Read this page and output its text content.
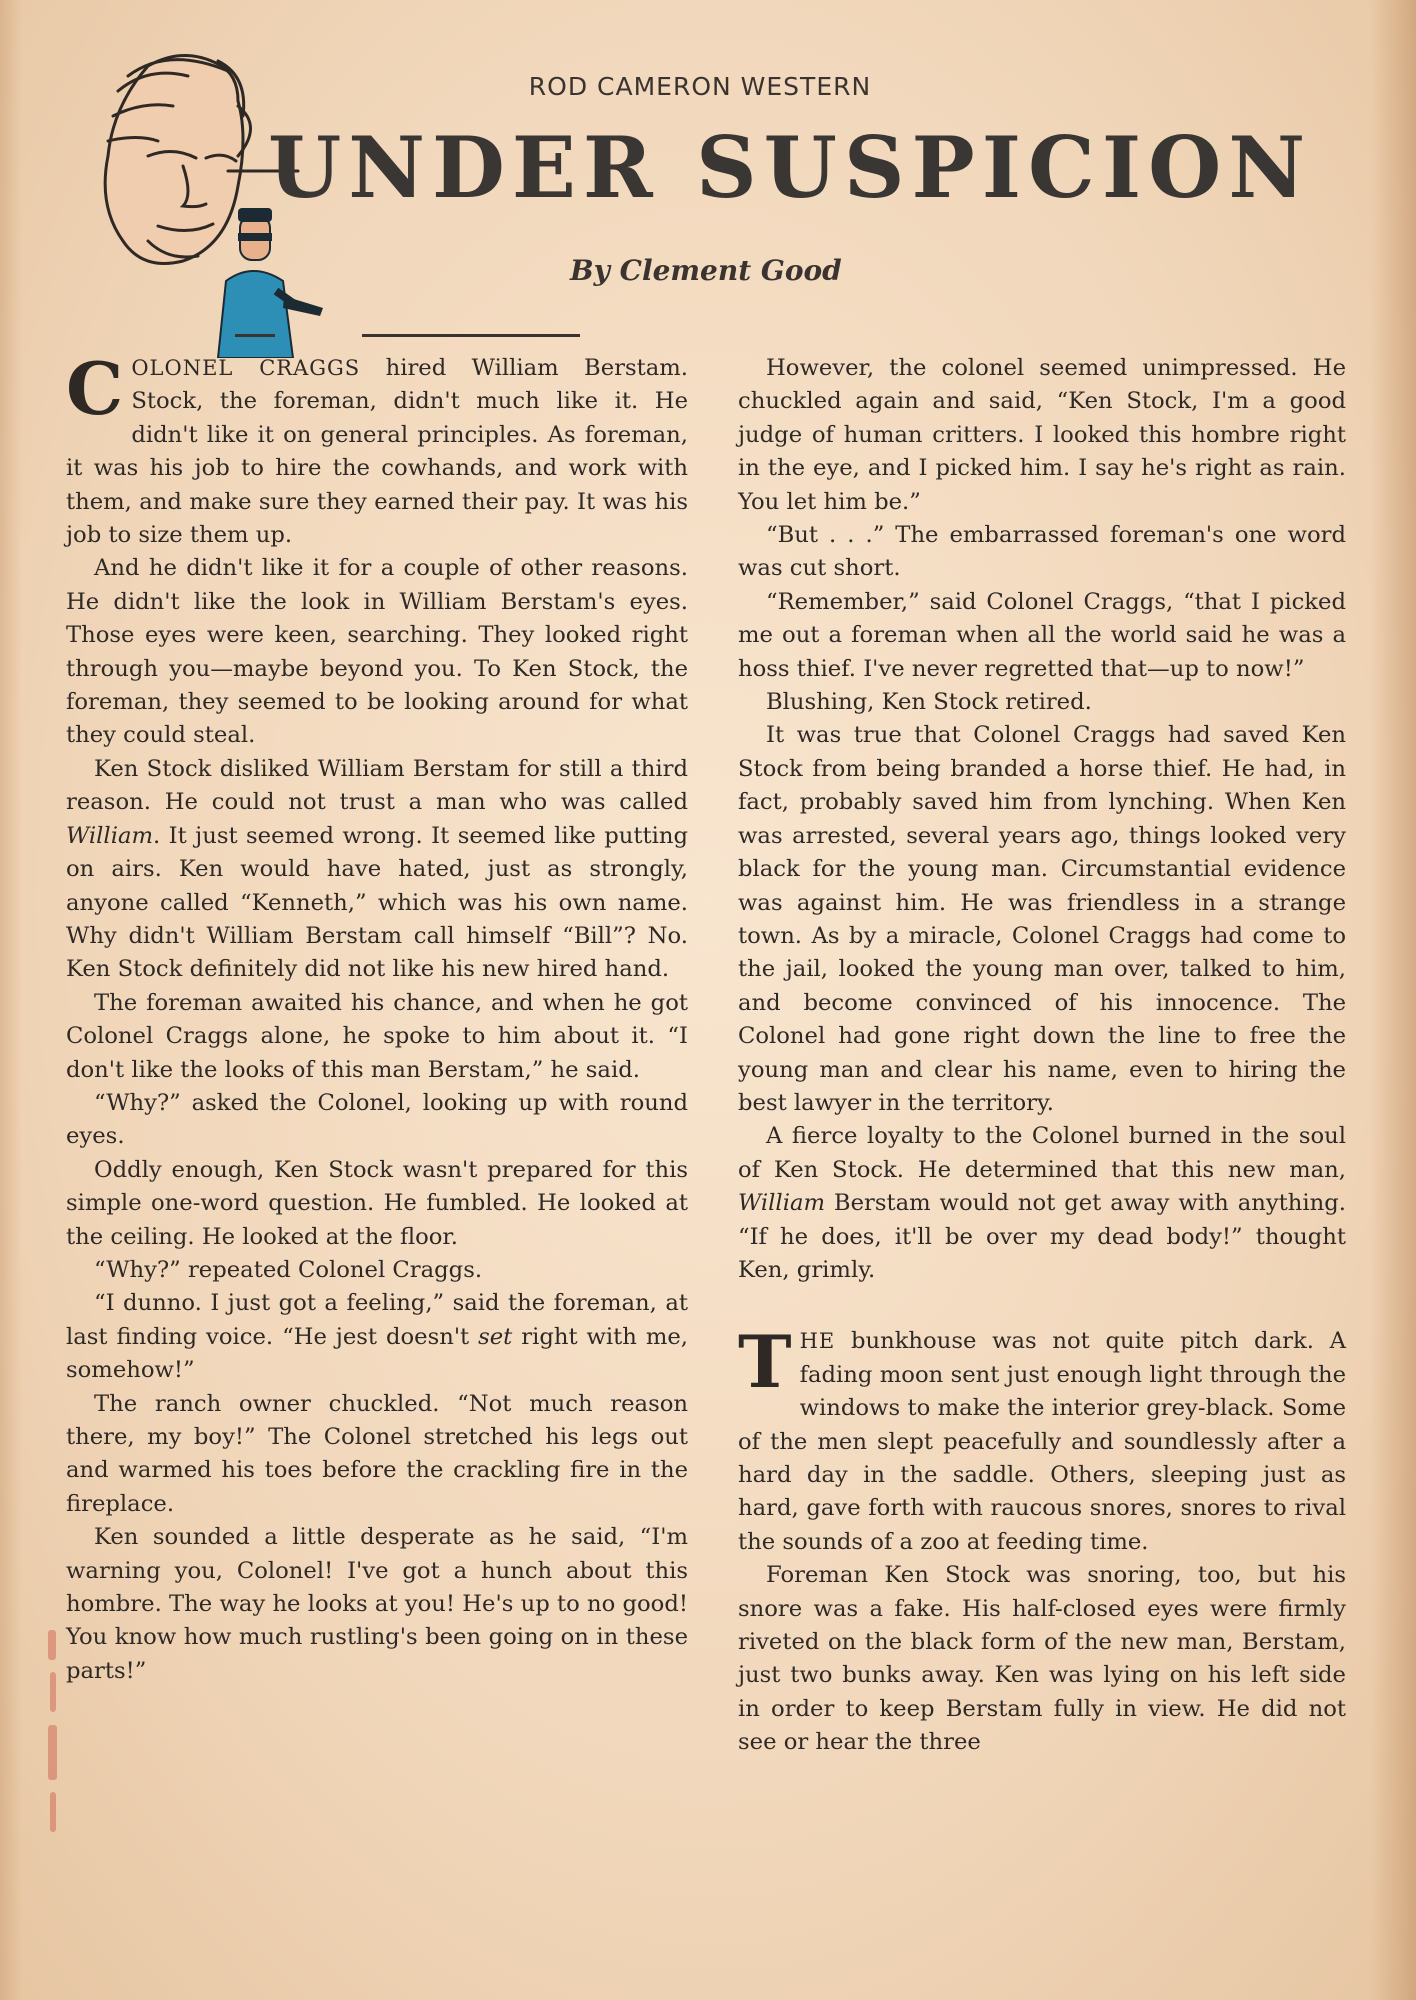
ROD CAMERON WESTERN
UNDER SUSPICION
By Clement Good

COLONEL CRAGGS hired William Berstam. Stock, the foreman, didn't much like it. He didn't like it on general principles. As foreman, it was his job to hire the cowhands, and work with them, and make sure they earned their pay. It was his job to size them up.

And he didn't like it for a couple of other reasons. He didn't like the look in William Berstam's eyes. Those eyes were keen, searching. They looked right through you—maybe beyond you. To Ken Stock, the foreman, they seemed to be looking around for what they could steal.

Ken Stock disliked William Berstam for still a third reason. He could not trust a man who was called William. It just seemed wrong. It seemed like putting on airs. Ken would have hated, just as strongly, anyone called “Kenneth,” which was his own name. Why didn't William Berstam call himself “Bill”? No. Ken Stock definitely did not like his new hired hand.

The foreman awaited his chance, and when he got Colonel Craggs alone, he spoke to him about it. “I don't like the looks of this man Berstam,” he said.

“Why?” asked the Colonel, looking up with round eyes.

Oddly enough, Ken Stock wasn't prepared for this simple one-word question. He fumbled. He looked at the ceiling. He looked at the floor.

“Why?” repeated Colonel Craggs.

“I dunno. I just got a feeling,” said the foreman, at last finding voice. “He jest doesn't set right with me, somehow!”

The ranch owner chuckled. “Not much reason there, my boy!” The Colonel stretched his legs out and warmed his toes before the crackling fire in the fireplace.

Ken sounded a little desperate as he said, “I'm warning you, Colonel! I've got a hunch about this hombre. The way he looks at you! He's up to no good! You know how much rustling's been going on in these parts!”

However, the colonel seemed unimpressed. He chuckled again and said, “Ken Stock, I'm a good judge of human critters. I looked this hombre right in the eye, and I picked him. I say he's right as rain. You let him be.”

“But . . .” The embarrassed foreman's one word was cut short.

“Remember,” said Colonel Craggs, “that I picked me out a foreman when all the world said he was a hoss thief. I've never regretted that—up to now!”

Blushing, Ken Stock retired.

It was true that Colonel Craggs had saved Ken Stock from being branded a horse thief. He had, in fact, probably saved him from lynching. When Ken was arrested, several years ago, things looked very black for the young man. Circumstantial evidence was against him. He was friendless in a strange town. As by a miracle, Colonel Craggs had come to the jail, looked the young man over, talked to him, and become convinced of his innocence. The Colonel had gone right down the line to free the young man and clear his name, even to hiring the best lawyer in the territory.

A fierce loyalty to the Colonel burned in the soul of Ken Stock. He determined that this new man, William Berstam would not get away with anything. “If he does, it'll be over my dead body!” thought Ken, grimly.

THE bunkhouse was not quite pitch dark. A fading moon sent just enough light through the windows to make the interior grey-black. Some of the men slept peacefully and soundlessly after a hard day in the saddle. Others, sleeping just as hard, gave forth with raucous snores, snores to rival the sounds of a zoo at feeding time.

Foreman Ken Stock was snoring, too, but his snore was a fake. His half-closed eyes were firmly riveted on the black form of the new man, Berstam, just two bunks away. Ken was lying on his left side in order to keep Berstam fully in view. He did not see or hear the three
